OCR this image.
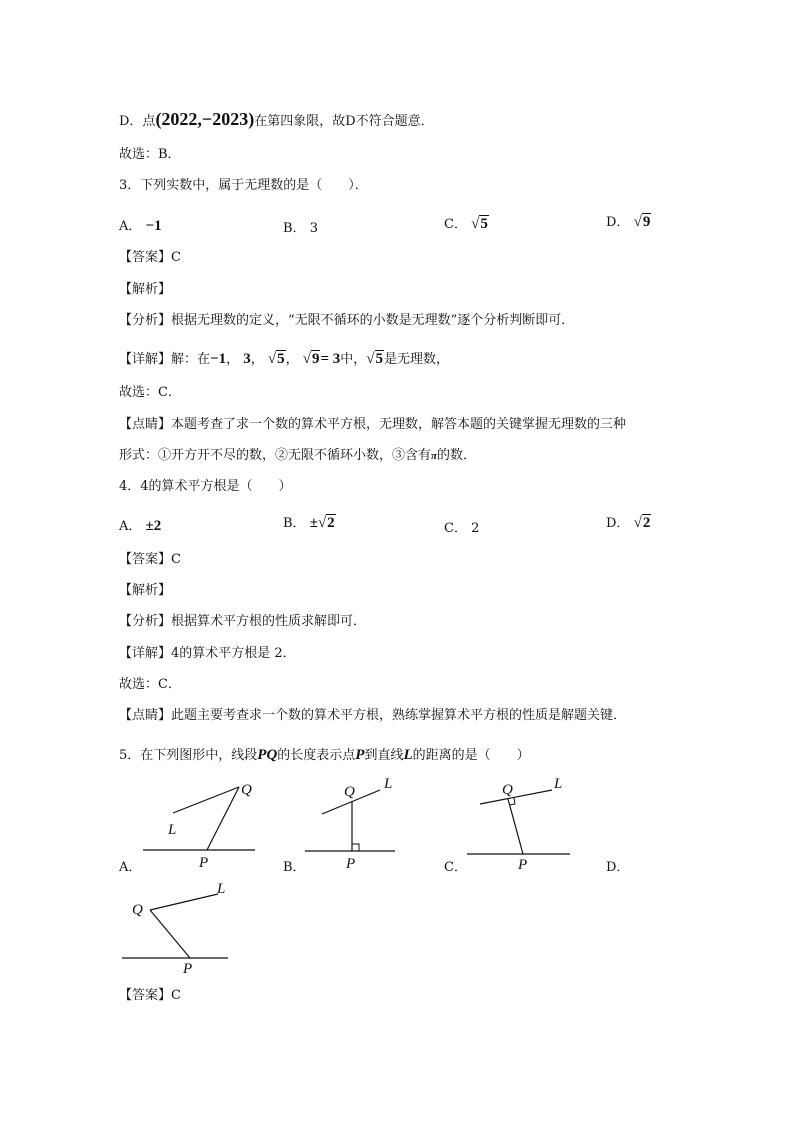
D．点(2022,−2023)在第四象限，故D不符合题意．
故选：B．
3．下列实数中，属于无理数的是（　　）．
A． −1	B． 3	C． √5	D． √9
【答案】C
【解析】
【分析】根据无理数的定义，“无限不循环的小数是无理数”逐个分析判断即可．
【详解】解：在−1， 3， √5， √9= 3中，√5是无理数，
故选：C．
【点睛】本题考查了求一个数的算术平方根，无理数，解答本题的关键掌握无理数的三种
形式：①开方开不尽的数，②无限不循环小数，③含有π的数．
4．4的算术平方根是（　　）
A． ±2	B． ±√2	C． 2	D． √2
【答案】C
【解析】
【分析】根据算术平方根的性质求解即可．
【详解】4的算术平方根是 2．
故选：C．
【点睛】此题主要考查求一个数的算术平方根，熟练掌握算术平方根的性质是解题关键．
5．在下列图形中，线段PQ的长度表示点P到直线L的距离的是（　　）
Q
L
P
A．
Q L
P
B．
Q	L
P
C．	D．
Q
L
P
【答案】C
